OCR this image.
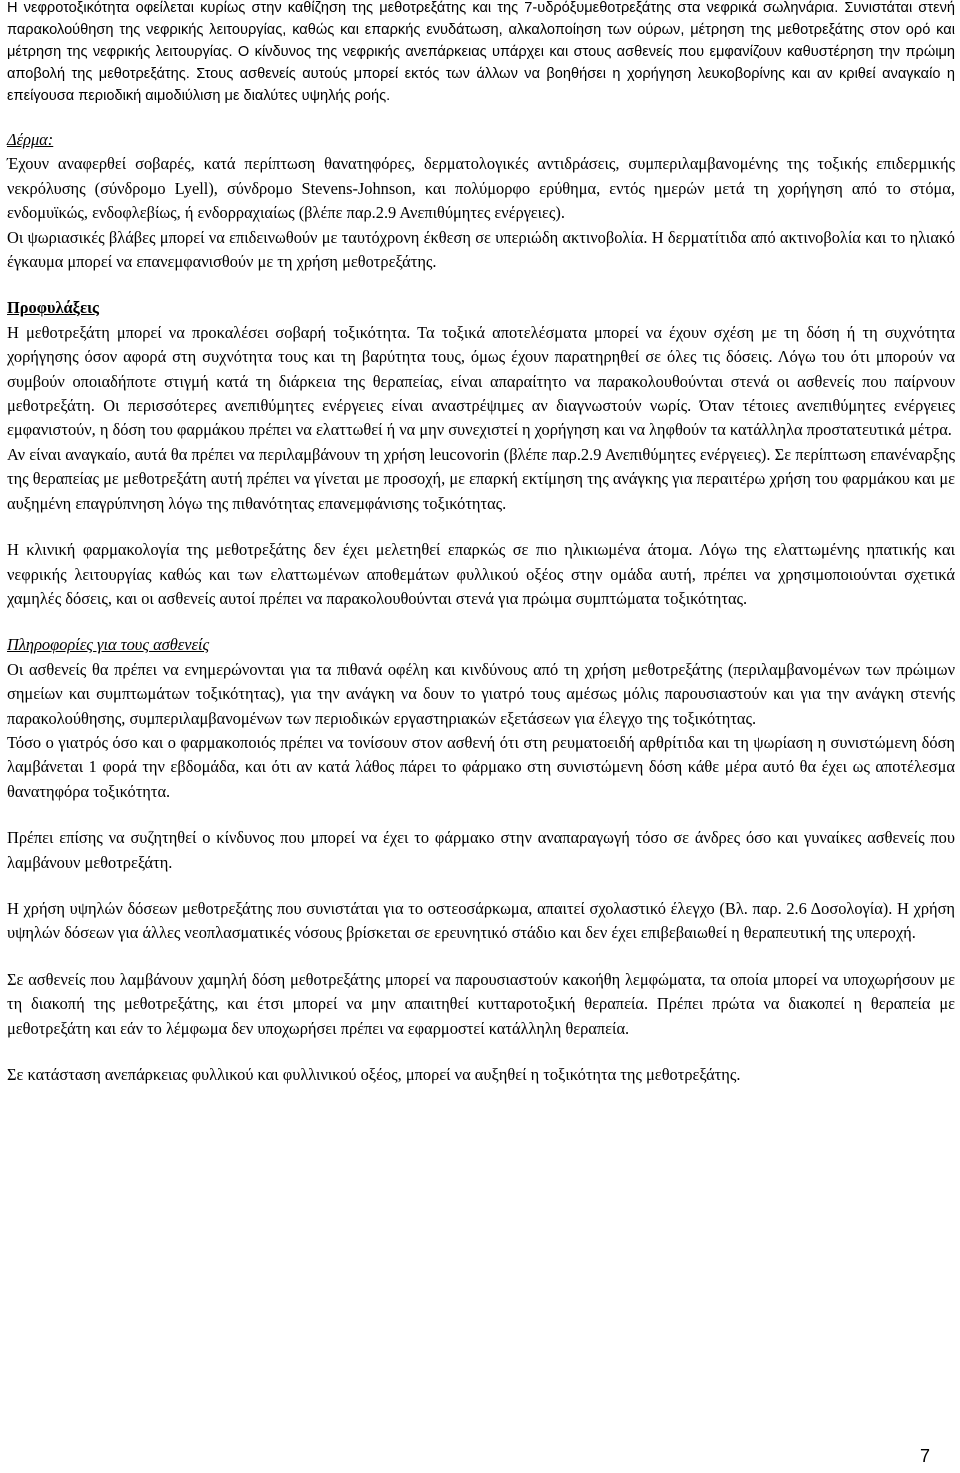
Η νεφροτοξικότητα οφείλεται κυρίως στην καθίζηση της μεθοτρεξάτης και της 7-υδρόξυμεθοτρεξάτης στα νεφρικά σωληνάρια. Συνιστάται στενή παρακολούθηση της νεφρικής λειτουργίας, καθώς και επαρκής ενυδάτωση, αλκαλοποίηση των ούρων, μέτρηση της μεθοτρεξάτης στον ορό και μέτρηση της νεφρικής λειτουργίας. Ο κίνδυνος της νεφρικής ανεπάρκειας υπάρχει και στους ασθενείς που εμφανίζουν καθυστέρηση την πρώιμη αποβολή της μεθοτρεξάτης. Στους ασθενείς αυτούς μπορεί εκτός των άλλων να βοηθήσει η χορήγηση λευκοβορίνης και αν κριθεί αναγκαίο η επείγουσα περιοδική αιμοδιύλιση με διαλύτες υψηλής ροής.

Δέρμα:

Έχουν αναφερθεί σοβαρές, κατά περίπτωση θανατηφόρες, δερματολογικές αντιδράσεις, συμπεριλαμβανομένης της τοξικής επιδερμικής νεκρόλυσης (σύνδρομο Lyell), σύνδρομο Stevens-Johnson, και πολύμορφο ερύθημα, εντός ημερών μετά τη χορήγηση από το στόμα, ενδομυϊκώς, ενδοφλεβίως, ή ενδορραχιαίως (βλέπε παρ.2.9 Ανεπιθύμητες ενέργειες).

Οι ψωριασικές βλάβες μπορεί να επιδεινωθούν με ταυτόχρονη έκθεση σε υπεριώδη ακτινοβολία. Η δερματίτιδα από ακτινοβολία και το ηλιακό έγκαυμα μπορεί να επανεμφανισθούν με τη χρήση μεθοτρεξάτης.

Προφυλάξεις

Η μεθοτρεξάτη μπορεί να προκαλέσει σοβαρή τοξικότητα. Τα τοξικά αποτελέσματα μπορεί να έχουν σχέση με τη δόση ή τη συχνότητα χορήγησης όσον αφορά στη συχνότητα τους και τη βαρύτητα τους, όμως έχουν παρατηρηθεί σε όλες τις δόσεις. Λόγω του ότι μπορούν να συμβούν οποιαδήποτε στιγμή κατά τη διάρκεια της θεραπείας, είναι απαραίτητο να παρακολουθούνται στενά οι ασθενείς που παίρνουν μεθοτρεξάτη. Οι περισσότερες ανεπιθύμητες ενέργειες είναι αναστρέψιμες αν διαγνωστούν νωρίς. Όταν τέτοιες ανεπιθύμητες ενέργειες εμφανιστούν, η δόση του φαρμάκου πρέπει να ελαττωθεί ή να μην συνεχιστεί η χορήγηση και να ληφθούν τα κατάλληλα προστατευτικά μέτρα.

Αν είναι αναγκαίο, αυτά θα πρέπει να περιλαμβάνουν τη χρήση leucovorin (βλέπε παρ.2.9 Ανεπιθύμητες ενέργειες). Σε περίπτωση επανέναρξης της θεραπείας με μεθοτρεξάτη αυτή πρέπει να γίνεται με προσοχή, με επαρκή εκτίμηση της ανάγκης για περαιτέρω χρήση του φαρμάκου και με αυξημένη επαγρύπνηση λόγω της πιθανότητας επανεμφάνισης τοξικότητας.

Η κλινική φαρμακολογία της μεθοτρεξάτης δεν έχει μελετηθεί επαρκώς σε πιο ηλικιωμένα άτομα. Λόγω της ελαττωμένης ηπατικής και νεφρικής λειτουργίας καθώς και των ελαττωμένων αποθεμάτων φυλλικού οξέος στην ομάδα αυτή, πρέπει να χρησιμοποιούνται σχετικά χαμηλές δόσεις, και οι ασθενείς αυτοί πρέπει να παρακολουθούνται στενά για πρώιμα συμπτώματα τοξικότητας.

Πληροφορίες για τους ασθενείς

Οι ασθενείς θα πρέπει να ενημερώνονται για τα πιθανά οφέλη και κινδύνους από τη χρήση μεθοτρεξάτης (περιλαμβανομένων των πρώιμων σημείων και συμπτωμάτων τοξικότητας), για την ανάγκη να δουν το γιατρό τους αμέσως μόλις παρουσιαστούν και για την ανάγκη στενής παρακολούθησης, συμπεριλαμβανομένων των περιοδικών εργαστηριακών εξετάσεων για έλεγχο της τοξικότητας.

Τόσο ο γιατρός όσο και ο φαρμακοποιός πρέπει να τονίσουν στον ασθενή ότι στη ρευματοειδή αρθρίτιδα και τη ψωρίαση η συνιστώμενη δόση λαμβάνεται 1 φορά την εβδομάδα, και ότι αν κατά λάθος πάρει το φάρμακο στη συνιστώμενη δόση κάθε μέρα αυτό θα έχει ως αποτέλεσμα θανατηφόρα τοξικότητα.

Πρέπει επίσης να συζητηθεί ο κίνδυνος που μπορεί να έχει το φάρμακο στην αναπαραγωγή τόσο σε άνδρες όσο και γυναίκες ασθενείς που λαμβάνουν μεθοτρεξάτη.

Η χρήση υψηλών δόσεων μεθοτρεξάτης που συνιστάται για το οστεοσάρκωμα, απαιτεί σχολαστικό έλεγχο (Βλ. παρ. 2.6 Δοσολογία). Η χρήση υψηλών δόσεων για άλλες νεοπλασματικές νόσους βρίσκεται σε ερευνητικό στάδιο και δεν έχει επιβεβαιωθεί η θεραπευτική της υπεροχή.

Σε ασθενείς που λαμβάνουν χαμηλή δόση μεθοτρεξάτης μπορεί να παρουσιαστούν κακοήθη λεμφώματα, τα οποία μπορεί να υποχωρήσουν με τη διακοπή της μεθοτρεξάτης, και έτσι μπορεί να μην απαιτηθεί κυτταροτοξική θεραπεία. Πρέπει πρώτα να διακοπεί η θεραπεία με μεθοτρεξάτη και εάν το λέμφωμα δεν υποχωρήσει πρέπει να εφαρμοστεί κατάλληλη θεραπεία.

Σε κατάσταση ανεπάρκειας φυλλικού και φυλλινικού οξέος, μπορεί να αυξηθεί η τοξικότητα της μεθοτρεξάτης.

7
